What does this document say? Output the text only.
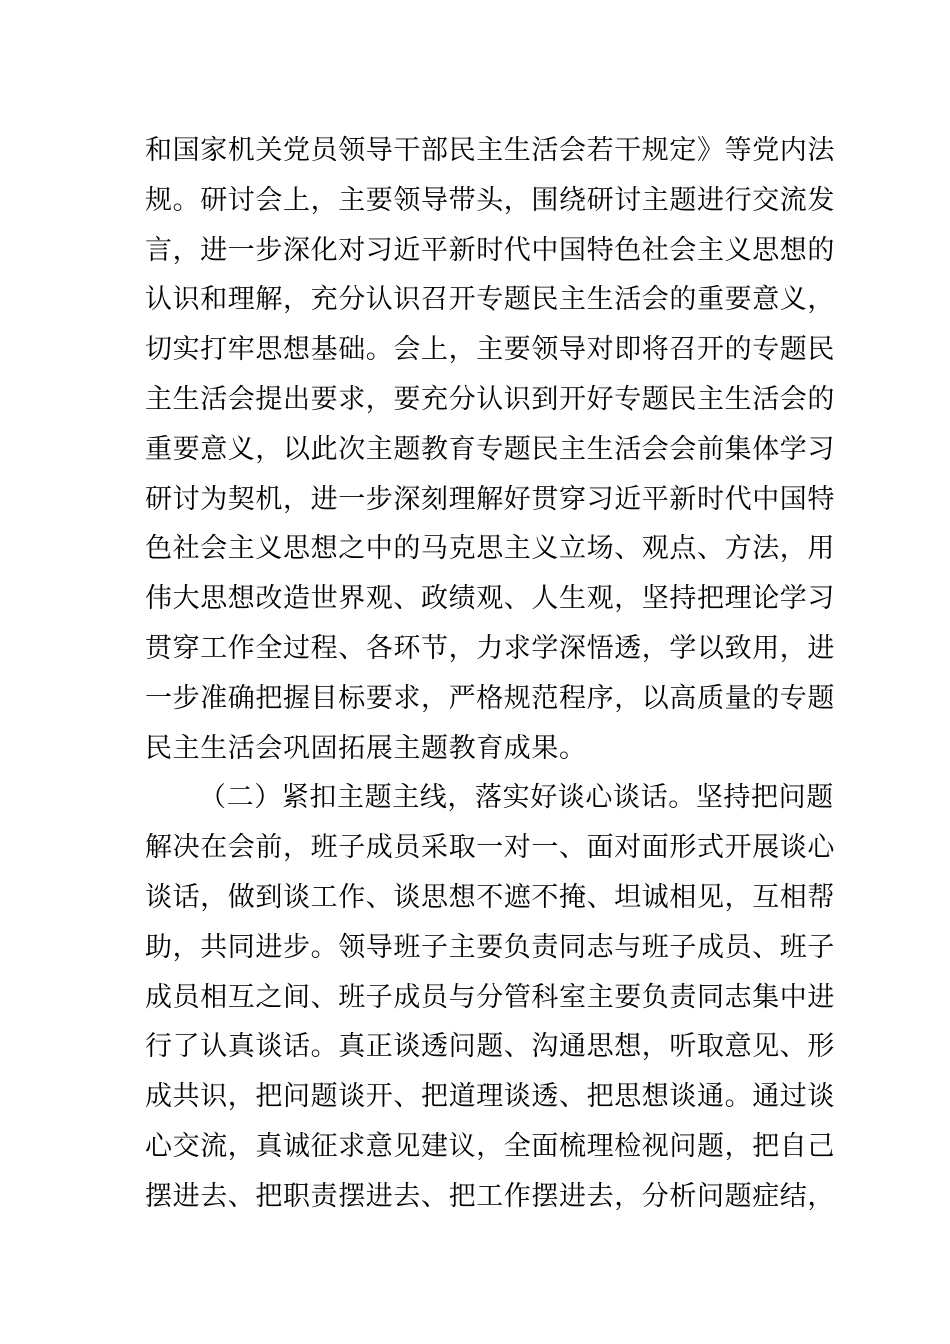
和国家机关党员领导干部民主生活会若干规定》等党内法
规。研讨会上，主要领导带头，围绕研讨主题进行交流发
言，进一步深化对习近平新时代中国特色社会主义思想的
认识和理解，充分认识召开专题民主生活会的重要意义，
切实打牢思想基础。会上，主要领导对即将召开的专题民
主生活会提出要求，要充分认识到开好专题民主生活会的
重要意义，以此次主题教育专题民主生活会会前集体学习
研讨为契机，进一步深刻理解好贯穿习近平新时代中国特
色社会主义思想之中的马克思主义立场、观点、方法，用
伟大思想改造世界观、政绩观、人生观，坚持把理论学习
贯穿工作全过程、各环节，力求学深悟透，学以致用，进
一步准确把握目标要求，严格规范程序，以高质量的专题
民主生活会巩固拓展主题教育成果。
（二）紧扣主题主线，落实好谈心谈话。坚持把问题
解决在会前，班子成员采取一对一、面对面形式开展谈心
谈话，做到谈工作、谈思想不遮不掩、坦诚相见，互相帮
助，共同进步。领导班子主要负责同志与班子成员、班子
成员相互之间、班子成员与分管科室主要负责同志集中进
行了认真谈话。真正谈透问题、沟通思想，听取意见、形
成共识，把问题谈开、把道理谈透、把思想谈通。通过谈
心交流，真诚征求意见建议，全面梳理检视问题，把自己
摆进去、把职责摆进去、把工作摆进去，分析问题症结，
